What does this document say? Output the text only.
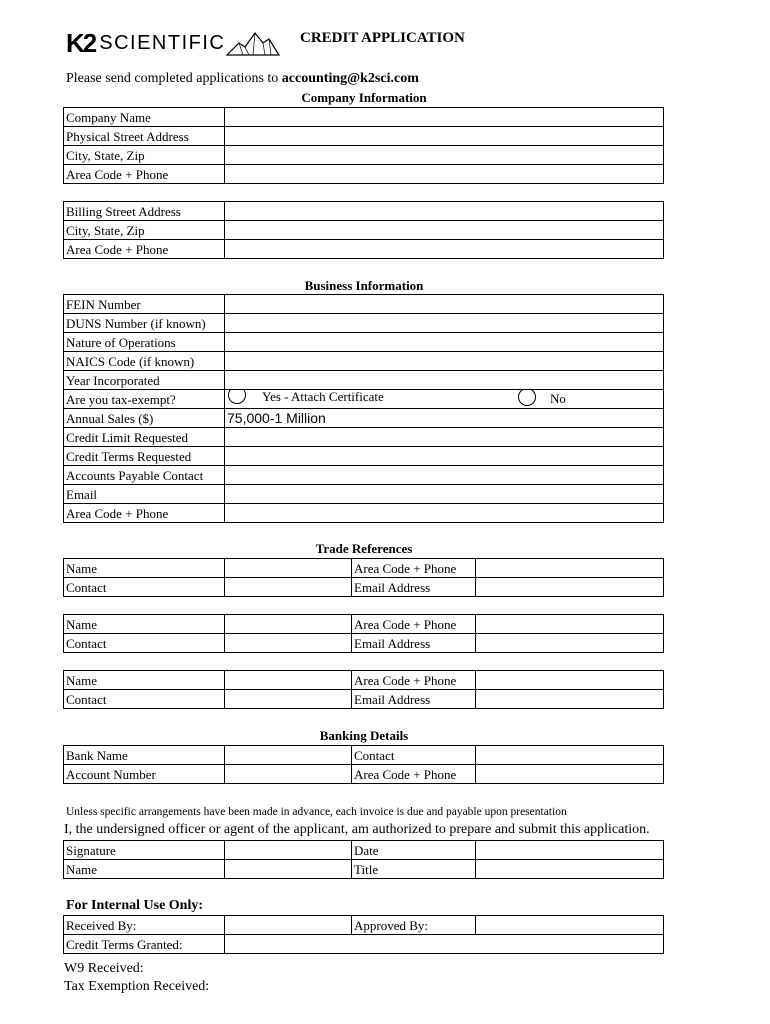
K2 SCIENTIFIC	CREDIT APPLICATION
Please send completed applications to accounting@k2sci.com
Company Information
Company Name	
Physical Street Address	
City, State, Zip	
Area Code + Phone	
Billing Street Address	
City, State, Zip	
Area Code + Phone	
Business Information
FEIN Number	
DUNS Number (if known)	
Nature of Operations	
NAICS Code (if known)	
Year Incorporated	
Are you tax-exempt?	Yes - Attach Certificate No

Annual Sales ($)	75,000-1 Million
Credit Limit Requested	
Credit Terms Requested	
Accounts Payable Contact	
Email	
Area Code + Phone	
Trade References
Name		Area Code + Phone	
Contact		Email Address	
Name		Area Code + Phone	
Contact		Email Address	
Name		Area Code + Phone	
Contact		Email Address	
Banking Details
Bank Name		Contact	
Account Number		Area Code + Phone	
Unless specific arrangements have been made in advance, each invoice is due and payable upon presentation
I, the undersigned officer or agent of the applicant, am authorized to prepare and submit this application.
Signature		Date	
Name		Title	
For Internal Use Only:
Received By:		Approved By:	
Credit Terms Granted:			
W9 Received:
Tax Exemption Received:
